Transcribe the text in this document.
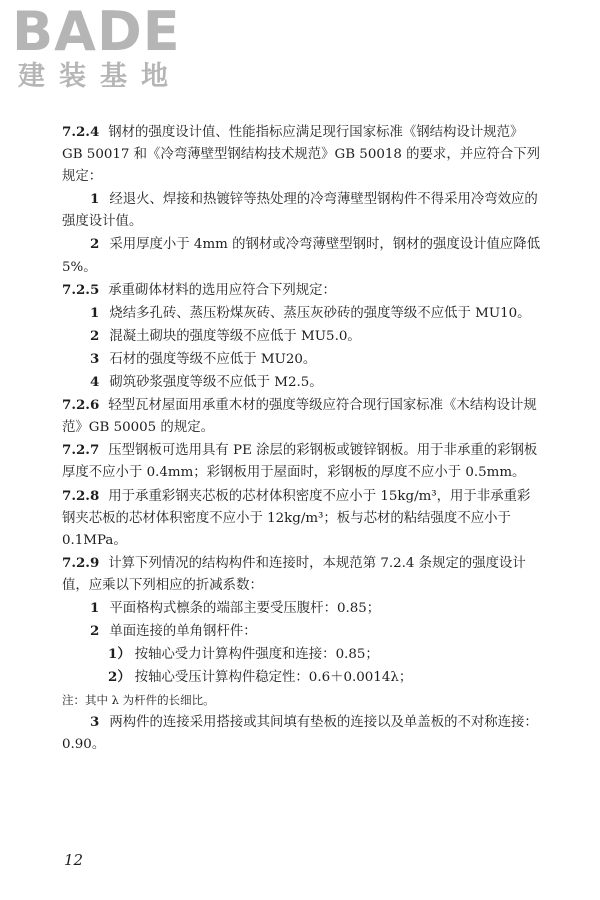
BADE
建装基地

7.2.4 钢材的强度设计值、性能指标应满足现行国家标准《钢结构设计规范》GB 50017 和《冷弯薄壁型钢结构技术规范》GB 50018 的要求，并应符合下列规定：

1 经退火、焊接和热镀锌等热处理的冷弯薄壁型钢构件不得采用冷弯效应的强度设计值。

2 采用厚度小于 4mm 的钢材或冷弯薄壁型钢时，钢材的强度设计值应降低 5%。

7.2.5 承重砌体材料的选用应符合下列规定：

1 烧结多孔砖、蒸压粉煤灰砖、蒸压灰砂砖的强度等级不应低于 MU10。

2 混凝土砌块的强度等级不应低于 MU5.0。

3 石材的强度等级不应低于 MU20。

4 砌筑砂浆强度等级不应低于 M2.5。

7.2.6 轻型瓦材屋面用承重木材的强度等级应符合现行国家标准《木结构设计规范》GB 50005 的规定。

7.2.7 压型钢板可选用具有 PE 涂层的彩钢板或镀锌钢板。用于非承重的彩钢板厚度不应小于 0.4mm；彩钢板用于屋面时，彩钢板的厚度不应小于 0.5mm。

7.2.8 用于承重彩钢夹芯板的芯材体积密度不应小于 15kg/m³，用于非承重彩钢夹芯板的芯材体积密度不应小于 12kg/m³；板与芯材的粘结强度不应小于 0.1MPa。

7.2.9 计算下列情况的结构构件和连接时，本规范第 7.2.4 条规定的强度设计值，应乘以下列相应的折减系数：

1 平面格构式檩条的端部主要受压腹杆：0.85；

2 单面连接的单角钢杆件：

1） 按轴心受力计算构件强度和连接：0.85；

2） 按轴心受压计算构件稳定性：0.6＋0.0014λ；

注：其中 λ 为杆件的长细比。

3 两构件的连接采用搭接或其间填有垫板的连接以及单盖板的不对称连接：0.90。

12
